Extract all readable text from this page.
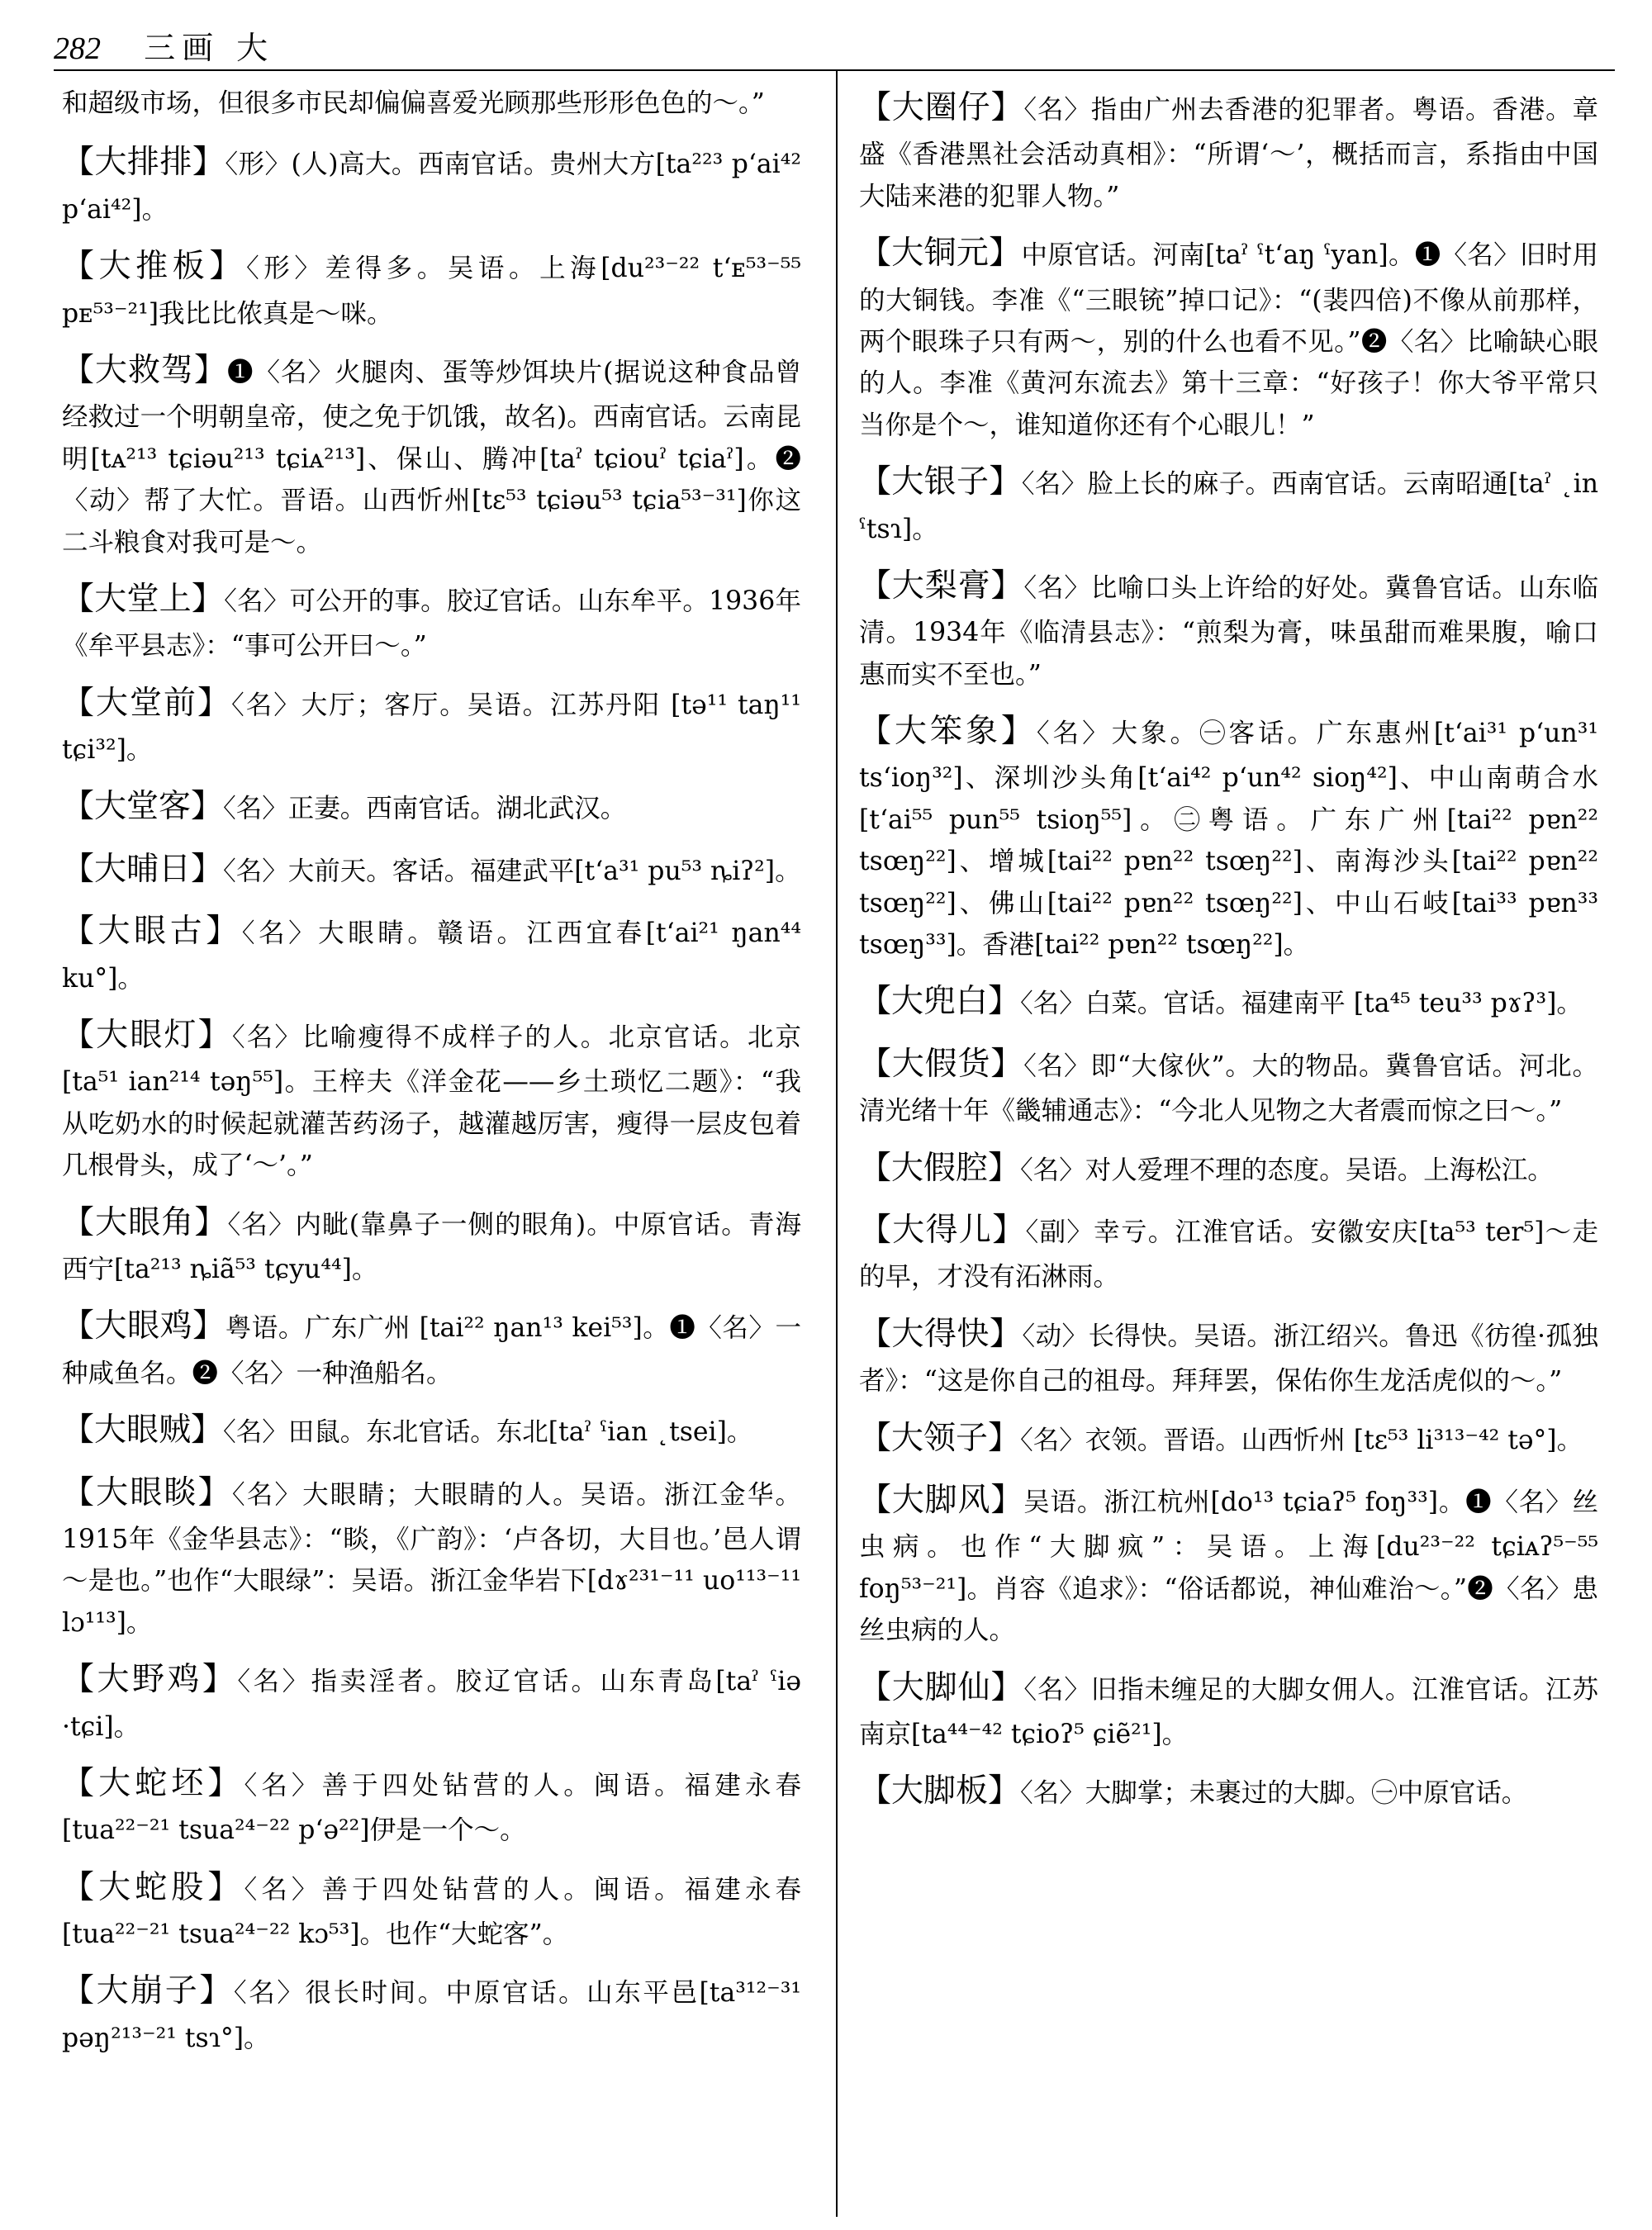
282 三画 大

和超级市场，但很多市民却偏偏喜爱光顾那些形形色色的～。”

【大排排】〈形〉(人)高大。西南官话。贵州大方[ta²²³ pʻai⁴² pʻai⁴²]。

【大推板】〈形〉差得多。吴语。上海[du²³⁻²² tʻᴇ⁵³⁻⁵⁵ pᴇ⁵³⁻²¹]我比比侬真是～咪。

【大救驾】❶〈名〉火腿肉、蛋等炒饵块片(据说这种食品曾经救过一个明朝皇帝，使之免于饥饿，故名)。西南官话。云南昆明[tᴀ²¹³ tɕiəu²¹³ tɕiᴀ²¹³]、保山、腾冲[taˀ tɕiouˀ tɕiaˀ]。❷〈动〉帮了大忙。晋语。山西忻州[tɛ⁵³ tɕiəu⁵³ tɕia⁵³⁻³¹]你这二斗粮食对我可是～。

【大堂上】〈名〉可公开的事。胶辽官话。山东牟平。1936年《牟平县志》：“事可公开曰～。”

【大堂前】〈名〉大厅；客厅。吴语。江苏丹阳 [tə¹¹ taŋ¹¹ tɕi³²]。

【大堂客】〈名〉正妻。西南官话。湖北武汉。

【大晡日】〈名〉大前天。客话。福建武平[tʻa³¹ pu⁵³ ȵiʔ²]。

【大眼古】〈名〉大眼睛。赣语。江西宜春[tʻai²¹ ŋan⁴⁴ ku°]。

【大眼灯】〈名〉比喻瘦得不成样子的人。北京官话。北京[ta⁵¹ ian²¹⁴ təŋ⁵⁵]。王梓夫《洋金花——乡土琐忆二题》：“我从吃奶水的时候起就灌苦药汤子，越灌越厉害，瘦得一层皮包着几根骨头，成了‘～’。”

【大眼角】〈名〉内眦(靠鼻子一侧的眼角)。中原官话。青海西宁[ta²¹³ ȵiã⁵³ tɕyu⁴⁴]。

【大眼鸡】粤语。广东广州 [tai²² ŋan¹³ kei⁵³]。❶〈名〉一种咸鱼名。❷〈名〉一种渔船名。

【大眼贼】〈名〉田鼠。东北官话。东北[taˀ ˤian ˛tsei]。

【大眼睒】〈名〉大眼睛；大眼睛的人。吴语。浙江金华。1915年《金华县志》：“睒，《广韵》：‘卢各切，大目也。’邑人谓～是也。”也作“大眼绿”：吴语。浙江金华岩下[dɤ²³¹⁻¹¹ uo¹¹³⁻¹¹ lɔ¹¹³]。

【大野鸡】〈名〉指卖淫者。胶辽官话。山东青岛[taˀ ˤiə ·tɕi]。

【大蛇坯】〈名〉善于四处钻营的人。闽语。福建永春[tua²²⁻²¹ tsua²⁴⁻²² pʻə²²]伊是一个～。

【大蛇股】〈名〉善于四处钻营的人。闽语。福建永春[tua²²⁻²¹ tsua²⁴⁻²² kɔ⁵³]。也作“大蛇客”。

【大崩子】〈名〉很长时间。中原官话。山东平邑[ta³¹²⁻³¹ pəŋ²¹³⁻²¹ tsɿ°]。

【大圈仔】〈名〉指由广州去香港的犯罪者。粤语。香港。章盛《香港黑社会活动真相》：“所谓‘～’，概括而言，系指由中国大陆来港的犯罪人物。”

【大铜元】中原官话。河南[taˀ ˤtʻaŋ ˤyan]。❶〈名〉旧时用的大铜钱。李准《“三眼铳”掉口记》：“(裴四倍)不像从前那样，两个眼珠子只有两～，别的什么也看不见。”❷〈名〉比喻缺心眼的人。李准《黄河东流去》第十三章：“好孩子！你大爷平常只当你是个～，谁知道你还有个心眼儿！”

【大银子】〈名〉脸上长的麻子。西南官话。云南昭通[taˀ ˛in ˤtsɿ]。

【大梨膏】〈名〉比喻口头上许给的好处。冀鲁官话。山东临清。1934年《临清县志》：“煎梨为膏，味虽甜而难果腹，喻口惠而实不至也。”

【大笨象】〈名〉大象。㊀客话。广东惠州[tʻai³¹ pʻun³¹ tsʻioŋ³²]、深圳沙头角[tʻai⁴² pʻun⁴² sioŋ⁴²]、中山南萌合水[tʻai⁵⁵ pun⁵⁵ tsioŋ⁵⁵]。㊁粤语。广东广州[tai²² pɐn²² tsœŋ²²]、增城[tai²² pɐn²² tsœŋ²²]、南海沙头[tai²² pɐn²² tsœŋ²²]、佛山[tai²² pɐn²² tsœŋ²²]、中山石岐[tai³³ pɐn³³ tsœŋ³³]。香港[tai²² pɐn²² tsœŋ²²]。

【大兜白】〈名〉白菜。官话。福建南平 [ta⁴⁵ teu³³ pɤʔ³]。

【大假货】〈名〉即“大傢伙”。大的物品。冀鲁官话。河北。清光绪十年《畿辅通志》：“今北人见物之大者震而惊之曰～。”

【大假腔】〈名〉对人爱理不理的态度。吴语。上海松江。

【大得儿】〈副〉幸亏。江淮官话。安徽安庆[ta⁵³ ter⁵]～走的早，才没有沰淋雨。

【大得快】〈动〉长得快。吴语。浙江绍兴。鲁迅《彷徨·孤独者》：“这是你自己的祖母。拜拜罢，保佑你生龙活虎似的～。”

【大领子】〈名〉衣领。晋语。山西忻州 [tɛ⁵³ li³¹³⁻⁴² tə°]。

【大脚风】吴语。浙江杭州[do¹³ tɕiaʔ⁵ foŋ³³]。❶〈名〉丝虫病。也作“大脚疯”：吴语。上海[du²³⁻²² tɕiᴀʔ⁵⁻⁵⁵ foŋ⁵³⁻²¹]。肖容《追求》：“俗话都说，神仙难治～。”❷〈名〉患丝虫病的人。

【大脚仙】〈名〉旧指未缠足的大脚女佣人。江淮官话。江苏南京[ta⁴⁴⁻⁴² tɕioʔ⁵ ɕiẽ²¹]。

【大脚板】〈名〉大脚掌；未裹过的大脚。㊀中原官话。
